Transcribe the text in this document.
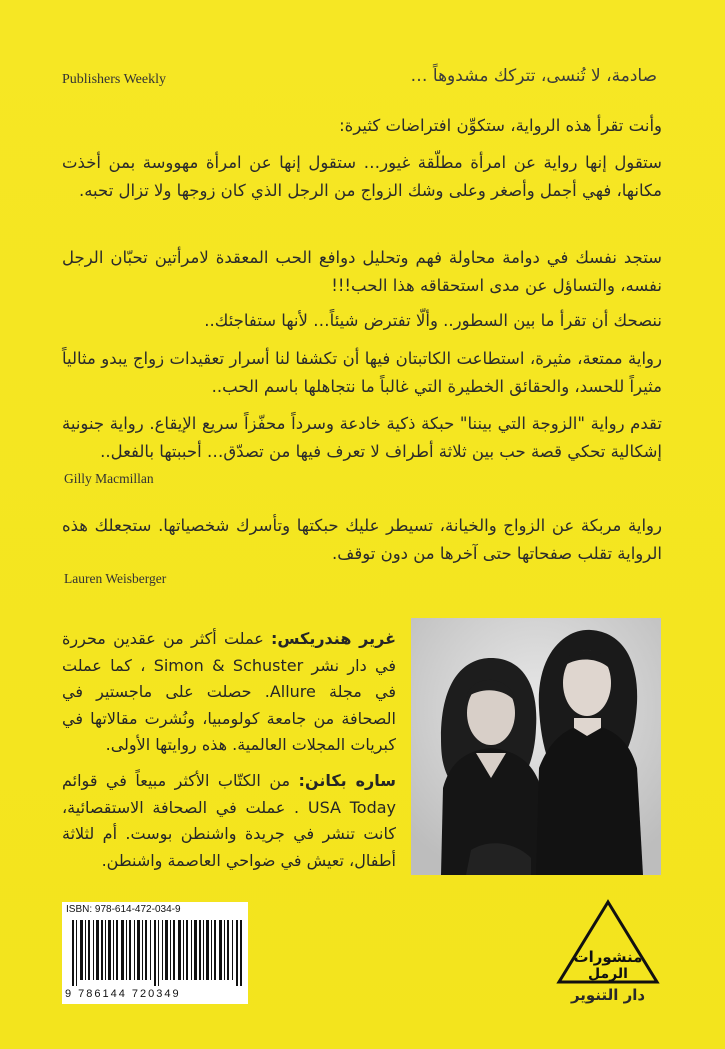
صادمة، لا تُنسى، تتركك مشدوهاً …
Publishers Weekly
وأنت تقرأ هذه الرواية، ستكوِّن افتراضات كثيرة:
ستقول إنها رواية عن امرأة مطلّقة غيور… ستقول إنها عن امرأة مهووسة بمن أخذت مكانها، فهي أجمل وأصغر وعلى وشك الزواج من الرجل الذي كان زوجها ولا تزال تحبه.
ستجد نفسك في دوامة محاولة فهم وتحليل دوافع الحب المعقدة لامرأتين تحبّان الرجل نفسه، والتساؤل عن مدى استحقاقه هذا الحب!!!
ننصحك أن تقرأ ما بين السطور.. وألّا تفترض شيئاً… لأنها ستفاجئك..
رواية ممتعة، مثيرة، استطاعت الكاتبتان فيها أن تكشفا لنا أسرار تعقيدات زواج يبدو مثالياً مثيراً للحسد، والحقائق الخطيرة التي غالباً ما نتجاهلها باسم الحب..
تقدم رواية "الزوجة التي بيننا" حبكة ذكية خادعة وسرداً محفّزاً سريع الإيقاع. رواية جنونية إشكالية تحكي قصة حب بين ثلاثة أطراف لا تعرف فيها من تصدّق… أحببتها بالفعل..
Gilly Macmillan
رواية مربكة عن الزواج والخيانة، تسيطر عليك حبكتها وتأسرك شخصياتها. ستجعلك هذه الرواية تقلب صفحاتها حتى آخرها من دون توقف.
Lauren Weisberger
غرير هندريكس: عملت أكثر من عقدين محررة في دار نشر Simon & Schuster ، كما عملت في مجلة Allure. حصلت على ماجستير في الصحافة من جامعة كولومبيا، ونُشرت مقالاتها في كبريات المجلات العالمية. هذه روايتها الأولى.
ساره بكانن: من الكتّاب الأكثر مبيعاً في قوائم USA Today . عملت في الصحافة الاستقصائية، كانت تنشر في جريدة واشنطن بوست. أم لثلاثة أطفال، تعيش في ضواحي العاصمة واشنطن.
ISBN: 978-614-472-034-9
9 786144 720349
منشورات
الرمل
دار التنوير
